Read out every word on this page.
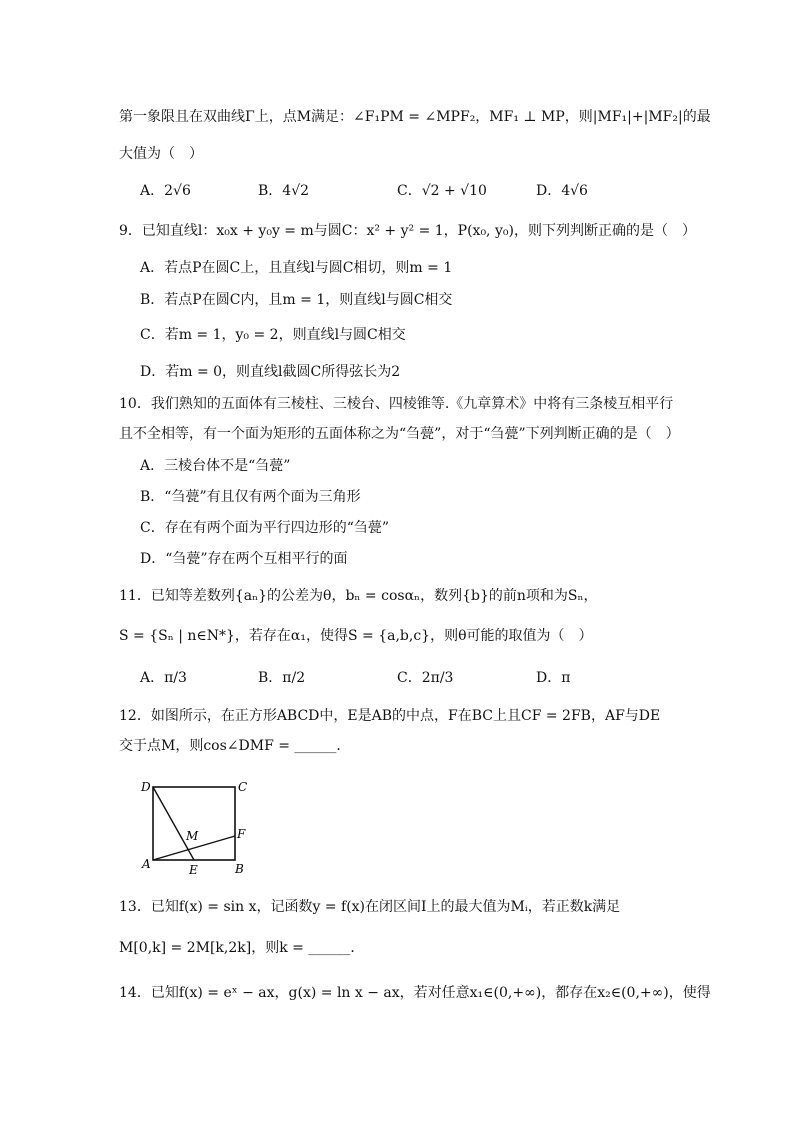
第一象限且在双曲线Γ上，点M满足：∠F₁PM = ∠MPF₂，MF₁ ⊥ MP，则|MF₁|+|MF₂|的最
大值为（　）
A．2√6	B．4√2	C．√2 + √10	D．4√6
9．已知直线l：x₀x + y₀y = m与圆C：x² + y² = 1，P(x₀, y₀)，则下列判断正确的是（　）
A．若点P在圆C上，且直线l与圆C相切，则m = 1
B．若点P在圆C内，且m = 1，则直线l与圆C相交
C．若m = 1，y₀ = 2，则直线l与圆C相交
D．若m = 0，则直线l截圆C所得弦长为2
10．我们熟知的五面体有三棱柱、三棱台、四棱锥等.《九章算术》中将有三条棱互相平行
且不全相等，有一个面为矩形的五面体称之为“刍甍”，对于“刍甍”下列判断正确的是（　）
A．三棱台体不是“刍甍”
B．“刍甍”有且仅有两个面为三角形
C．存在有两个面为平行四边形的“刍甍”
D．“刍甍”存在两个互相平行的面
11．已知等差数列{aₙ}的公差为θ，bₙ = cosαₙ，数列{b}的前n项和为Sₙ，
S = {Sₙ | n∈N*}，若存在α₁，使得S = {a,b,c}，则θ可能的取值为（　）
A．π/3	B．π/2	C．2π/3	D．π
12．如图所示，在正方形ABCD中，E是AB的中点，F在BC上且CF = 2FB，AF与DE
交于点M，则cos∠DMF = ______．
D	C
A	B
E
F
M
13．已知f(x) = sin x，记函数y = f(x)在闭区间I上的最大值为Mᵢ，若正数k满足
M[0,k] = 2M[k,2k]，则k = ______．
14．已知f(x) = eˣ − ax，g(x) = ln x − ax，若对任意x₁∈(0,+∞)，都存在x₂∈(0,+∞)，使得
